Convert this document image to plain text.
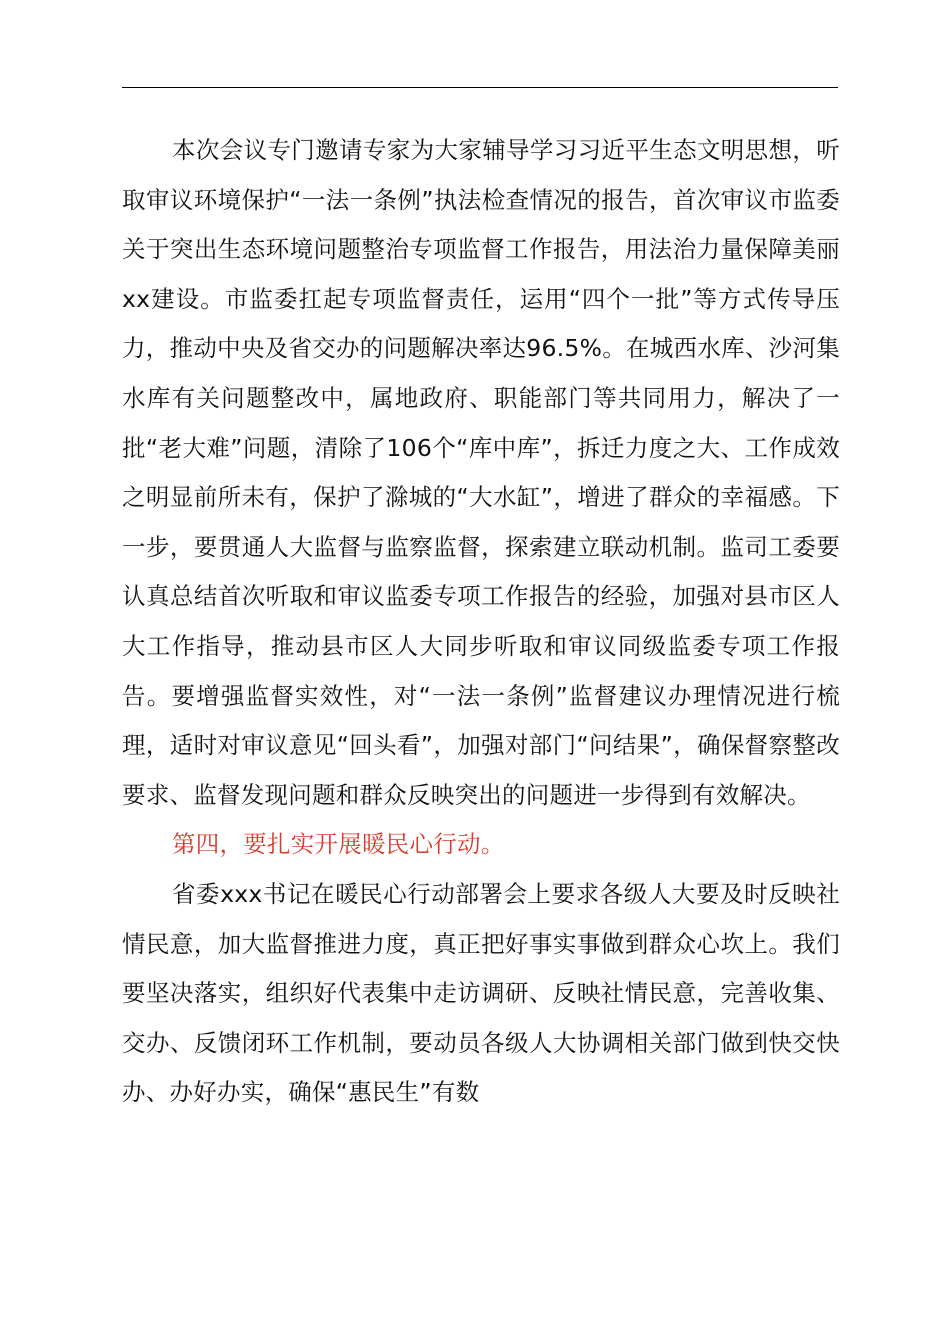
本次会议专门邀请专家为大家辅导学习习近平生态文明思想，听取审议环境保护“一法一条例”执法检查情况的报告，首次审议市监委关于突出生态环境问题整治专项监督工作报告，用法治力量保障美丽xx建设。市监委扛起专项监督责任，运用“四个一批”等方式传导压力，推动中央及省交办的问题解决率达96.5%。在城西水库、沙河集水库有关问题整改中，属地政府、职能部门等共同用力，解决了一批“老大难”问题，清除了106个“库中库”，拆迁力度之大、工作成效之明显前所未有，保护了滁城的“大水缸”，增进了群众的幸福感。下一步，要贯通人大监督与监察监督，探索建立联动机制。监司工委要认真总结首次听取和审议监委专项工作报告的经验，加强对县市区人大工作指导，推动县市区人大同步听取和审议同级监委专项工作报告。要增强监督实效性，对“一法一条例”监督建议办理情况进行梳理，适时对审议意见“回头看”，加强对部门“问结果”，确保督察整改要求、监督发现问题和群众反映突出的问题进一步得到有效解决。

第四，要扎实开展暖民心行动。

省委xxx书记在暖民心行动部署会上要求各级人大要及时反映社情民意，加大监督推进力度，真正把好事实事做到群众心坎上。我们要坚决落实，组织好代表集中走访调研、反映社情民意，完善收集、交办、反馈闭环工作机制，要动员各级人大协调相关部门做到快交快办、办好办实，确保“惠民生”有数
